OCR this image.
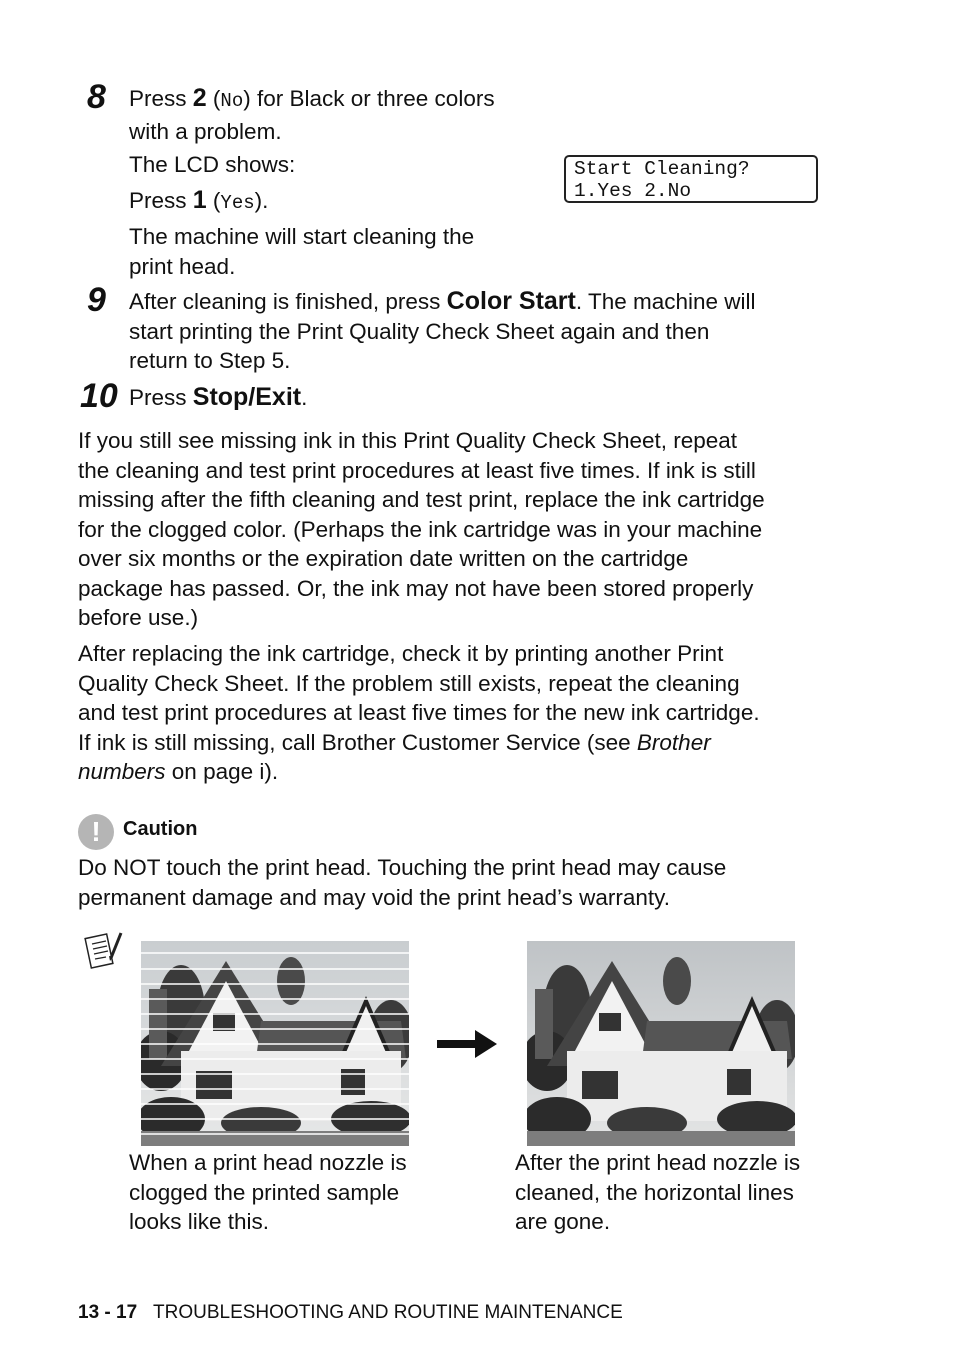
8 Press 2 (No) for Black or three colors
with a problem.
The LCD shows:
Press 1 (Yes).
The machine will start cleaning the
print head.
Start Cleaning?
1.Yes 2.No
9 After cleaning is finished, press Color Start. The machine will
start printing the Print Quality Check Sheet again and then
return to Step 5.
10 Press Stop/Exit.
If you still see missing ink in this Print Quality Check Sheet, repeat
the cleaning and test print procedures at least five times. If ink is still
missing after the fifth cleaning and test print, replace the ink cartridge
for the clogged color. (Perhaps the ink cartridge was in your machine
over six months or the expiration date written on the cartridge
package has passed. Or, the ink may not have been stored properly
before use.)
After replacing the ink cartridge, check it by printing another Print
Quality Check Sheet. If the problem still exists, repeat the cleaning
and test print procedures at least five times for the new ink cartridge.
If ink is still missing, call Brother Customer Service (see Brother
numbers on page i).
!	Caution
Do NOT touch the print head. Touching the print head may cause
permanent damage and may void the print head’s warranty.
When a print head nozzle is
clogged the printed sample
looks like this.
After the print head nozzle is
cleaned, the horizontal lines
are gone.
13 - 17 TROUBLESHOOTING AND ROUTINE MAINTENANCE
